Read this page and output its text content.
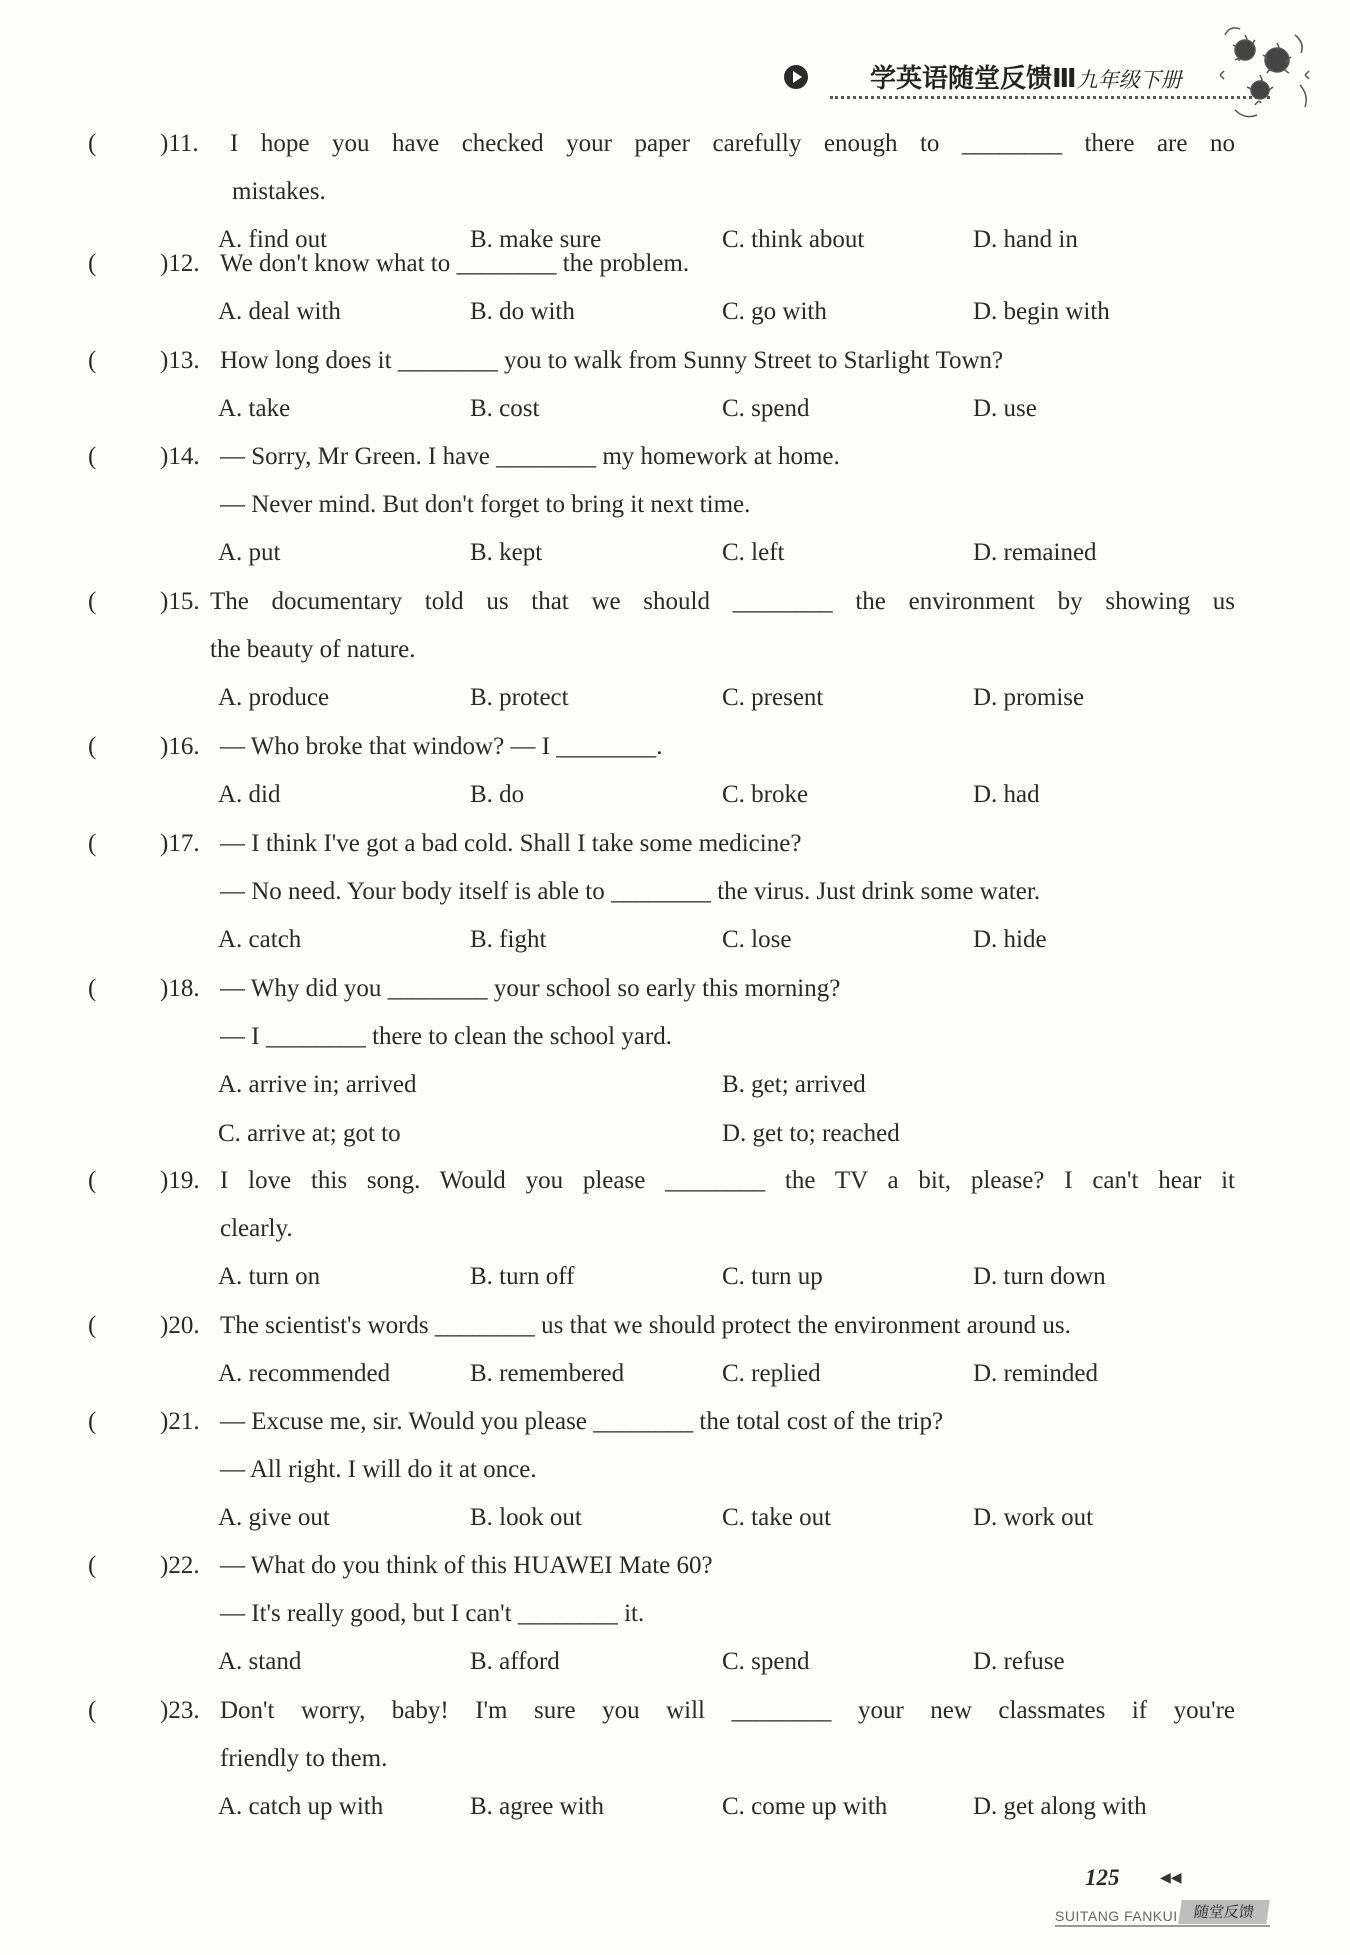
学英语随堂反馈Ⅲ九年级下册
(	)11. I hope you have checked your paper carefully enough to ________ there are no
mistakes.
A. find out	B. make sure	C. think about	D. hand in
(	)12. We don't know what to ________ the problem.
A. deal with	B. do with	C. go with	D. begin with
(	)13. How long does it ________ you to walk from Sunny Street to Starlight Town?
A. take	B. cost	C. spend	D. use
(	)14. — Sorry, Mr Green. I have ________ my homework at home.
— Never mind. But don't forget to bring it next time.
A. put	B. kept	C. left	D. remained
(	)15. The documentary told us that we should ________ the environment by showing us
the beauty of nature.
A. produce	B. protect	C. present	D. promise
(	)16. — Who broke that window? — I ________.
A. did	B. do	C. broke	D. had
(	)17. — I think I've got a bad cold. Shall I take some medicine?
— No need. Your body itself is able to ________ the virus. Just drink some water.
A. catch	B. fight	C. lose	D. hide
(	)18. — Why did you ________ your school so early this morning?
— I ________ there to clean the school yard.
A. arrive in; arrived	B. get; arrived
C. arrive at; got to	D. get to; reached
(	)19. I love this song. Would you please ________ the TV a bit, please? I can't hear it
clearly.
A. turn on	B. turn off	C. turn up	D. turn down
(	)20. The scientist's words ________ us that we should protect the environment around us.
A. recommended	B. remembered	C. replied	D. reminded
(	)21. — Excuse me, sir. Would you please ________ the total cost of the trip?
— All right. I will do it at once.
A. give out	B. look out	C. take out	D. work out
(	)22. — What do you think of this HUAWEI Mate 60?
— It's really good, but I can't ________ it.
A. stand	B. afford	C. spend	D. refuse
(	)23. Don't worry, baby! I'm sure you will ________ your new classmates if you're
friendly to them.
A. catch up with	B. agree with	C. come up with	D. get along with
125	◀◀
SUITANG FANKUI	随堂反馈
